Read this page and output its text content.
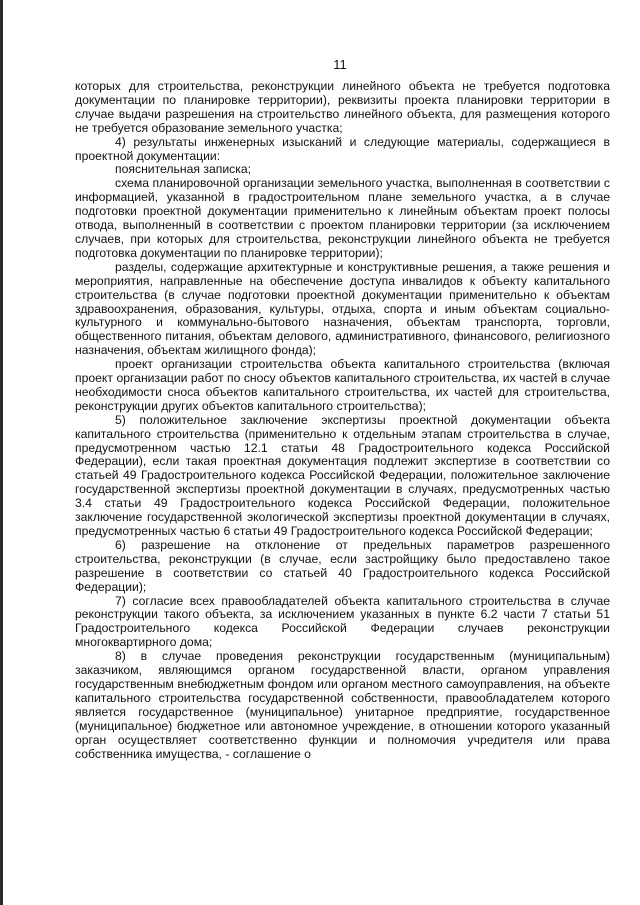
11

которых для строительства, реконструкции линейного объекта не требуется подготовка документации по планировке территории), реквизиты проекта планировки территории в случае выдачи разрешения на строительство линейного объекта, для размещения которого не требуется образование земельного участка;

4) результаты инженерных изысканий и следующие материалы, содержащиеся в проектной документации:

пояснительная записка;

схема планировочной организации земельного участка, выполненная в соответствии с информацией, указанной в градостроительном плане земельного участка, а в случае подготовки проектной документации применительно к линейным объектам проект полосы отвода, выполненный в соответствии с проектом планировки территории (за исключением случаев, при которых для строительства, реконструкции линейного объекта не требуется подготовка документации по планировке территории);

разделы, содержащие архитектурные и конструктивные решения, а также решения и мероприятия, направленные на обеспечение доступа инвалидов к объекту капитального строительства (в случае подготовки проектной документации применительно к объектам здравоохранения, образования, культуры, отдыха, спорта и иным объектам социально-культурного и коммунально-бытового назначения, объектам транспорта, торговли, общественного питания, объектам делового, административного, финансового, религиозного назначения, объектам жилищного фонда);

проект организации строительства объекта капитального строительства (включая проект организации работ по сносу объектов капитального строительства, их частей в случае необходимости сноса объектов капитального строительства, их частей для строительства, реконструкции других объектов капитального строительства);

5) положительное заключение экспертизы проектной документации объекта капитального строительства (применительно к отдельным этапам строительства в случае, предусмотренном частью 12.1 статьи 48 Градостроительного кодекса Российской Федерации), если такая проектная документация подлежит экспертизе в соответствии со статьей 49 Градостроительного кодекса Российской Федерации, положительное заключение государственной экспертизы проектной документации в случаях, предусмотренных частью 3.4 статьи 49 Градостроительного кодекса Российской Федерации, положительное заключение государственной экологической экспертизы проектной документации в случаях, предусмотренных частью 6 статьи 49 Градостроительного кодекса Российской Федерации;

6) разрешение на отклонение от предельных параметров разрешенного строительства, реконструкции (в случае, если застройщику было предоставлено такое разрешение в соответствии со статьей 40 Градостроительного кодекса Российской Федерации);

7) согласие всех правообладателей объекта капитального строительства в случае реконструкции такого объекта, за исключением указанных в пункте 6.2 части 7 статьи 51 Градостроительного кодекса Российской Федерации случаев реконструкции многоквартирного дома;

8) в случае проведения реконструкции государственным (муниципальным) заказчиком, являющимся органом государственной власти, органом управления государственным внебюджетным фондом или органом местного самоуправления, на объекте капитального строительства государственной собственности, правообладателем которого является государственное (муниципальное) унитарное предприятие, государственное (муниципальное) бюджетное или автономное учреждение, в отношении которого указанный орган осуществляет соответственно функции и полномочия учредителя или права собственника имущества, - соглашение о
